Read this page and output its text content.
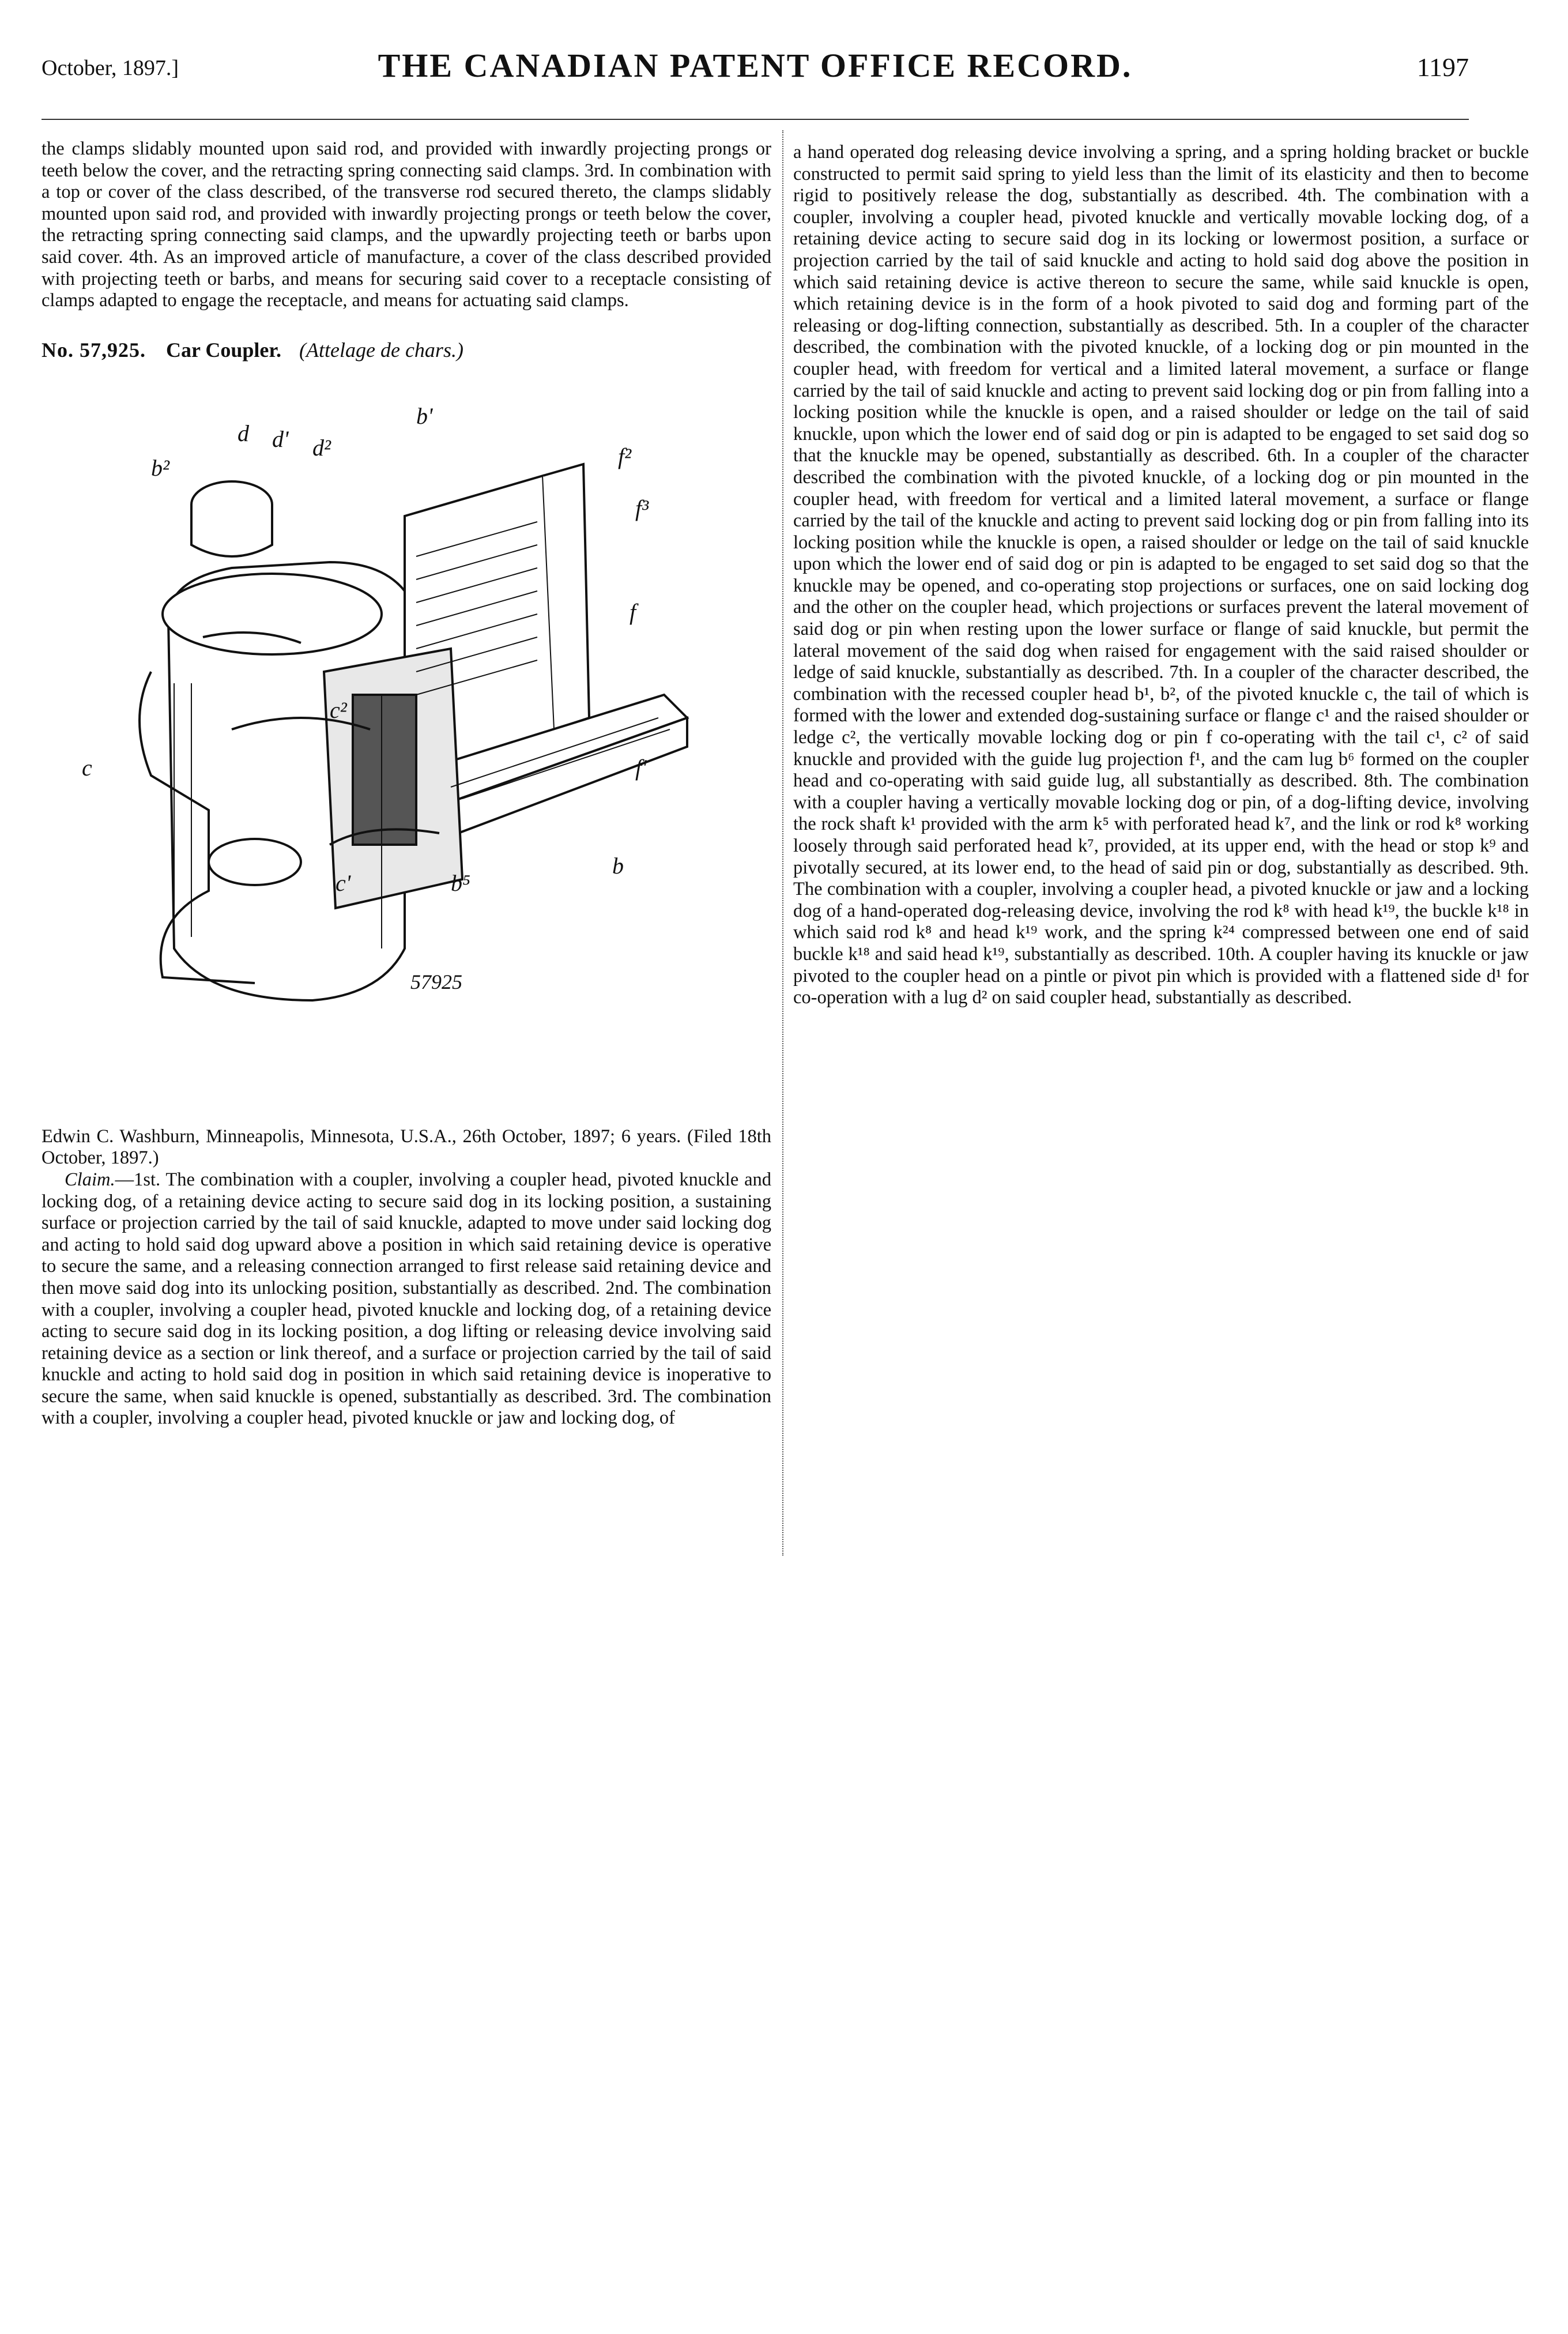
October, 1897.]	THE CANADIAN PATENT OFFICE RECORD.	1197

the clamps slidably mounted upon said rod, and provided with inwardly projecting prongs or teeth below the cover, and the retracting spring connecting said clamps. 3rd. In combination with a top or cover of the class described, of the transverse rod secured thereto, the clamps slidably mounted upon said rod, and provided with inwardly projecting prongs or teeth below the cover, the retracting spring connecting said clamps, and the upwardly projecting teeth or barbs upon said cover. 4th. As an improved article of manufacture, a cover of the class described provided with projecting teeth or barbs, and means for securing said cover to a receptacle consisting of clamps adapted to engage the receptacle, and means for actuating said clamps.

No. 57,925. Car Coupler. (Attelage de chars.)
b²
d d' d²
b'
f²
f³
f
c²
f'
c
c'	b⁵
b
57925

Edwin C. Washburn, Minneapolis, Minnesota, U.S.A., 26th October, 1897; 6 years. (Filed 18th October, 1897.)

Claim.—1st. The combination with a coupler, involving a coupler head, pivoted knuckle and locking dog, of a retaining device acting to secure said dog in its locking position, a sustaining surface or projection carried by the tail of said knuckle, adapted to move under said locking dog and acting to hold said dog upward above a position in which said retaining device is operative to secure the same, and a releasing connection arranged to first release said retaining device and then move said dog into its unlocking position, substantially as described. 2nd. The combination with a coupler, involving a coupler head, pivoted knuckle and locking dog, of a retaining device acting to secure said dog in its locking position, a dog lifting or releasing device involving said retaining device as a section or link thereof, and a surface or projection carried by the tail of said knuckle and acting to hold said dog in position in which said retaining device is inoperative to secure the same, when said knuckle is opened, substantially as described. 3rd. The combination with a coupler, involving a coupler head, pivoted knuckle or jaw and locking dog, of

a hand operated dog releasing device involving a spring, and a spring holding bracket or buckle constructed to permit said spring to yield less than the limit of its elasticity and then to become rigid to positively release the dog, substantially as described. 4th. The combination with a coupler, involving a coupler head, pivoted knuckle and vertically movable locking dog, of a retaining device acting to secure said dog in its locking or lowermost position, a surface or projection carried by the tail of said knuckle and acting to hold said dog above the position in which said retaining device is active thereon to secure the same, while said knuckle is open, which retaining device is in the form of a hook pivoted to said dog and forming part of the releasing or dog-lifting connection, substantially as described. 5th. In a coupler of the character described, the combination with the pivoted knuckle, of a locking dog or pin mounted in the coupler head, with freedom for vertical and a limited lateral movement, a surface or flange carried by the tail of said knuckle and acting to prevent said locking dog or pin from falling into a locking position while the knuckle is open, and a raised shoulder or ledge on the tail of said knuckle, upon which the lower end of said dog or pin is adapted to be engaged to set said dog so that the knuckle may be opened, substantially as described. 6th. In a coupler of the character described the combination with the pivoted knuckle, of a locking dog or pin mounted in the coupler head, with freedom for vertical and a limited lateral movement, a surface or flange carried by the tail of the knuckle and acting to prevent said locking dog or pin from falling into its locking position while the knuckle is open, a raised shoulder or ledge on the tail of said knuckle upon which the lower end of said dog or pin is adapted to be engaged to set said dog so that the knuckle may be opened, and co-operating stop projections or surfaces, one on said locking dog and the other on the coupler head, which projections or surfaces prevent the lateral movement of said dog or pin when resting upon the lower surface or flange of said knuckle, but permit the lateral movement of the said dog when raised for engagement with the said raised shoulder or ledge of said knuckle, substantially as described. 7th. In a coupler of the character described, the combination with the recessed coupler head b¹, b², of the pivoted knuckle c, the tail of which is formed with the lower and extended dog-sustaining surface or flange c¹ and the raised shoulder or ledge c², the vertically movable locking dog or pin f co-operating with the tail c¹, c² of said knuckle and provided with the guide lug projection f¹, and the cam lug b⁶ formed on the coupler head and co-operating with said guide lug, all substantially as described. 8th. The combination with a coupler having a vertically movable locking dog or pin, of a dog-lifting device, involving the rock shaft k¹ provided with the arm k⁵ with perforated head k⁷, and the link or rod k⁸ working loosely through said perforated head k⁷, provided, at its upper end, with the head or stop k⁹ and pivotally secured, at its lower end, to the head of said pin or dog, substantially as described. 9th. The combination with a coupler, involving a coupler head, a pivoted knuckle or jaw and a locking dog of a hand-operated dog-releasing device, involving the rod k⁸ with head k¹⁹, the buckle k¹⁸ in which said rod k⁸ and head k¹⁹ work, and the spring k²⁴ compressed between one end of said buckle k¹⁸ and said head k¹⁹, substantially as described. 10th. A coupler having its knuckle or jaw pivoted to the coupler head on a pintle or pivot pin which is provided with a flattened side d¹ for co-operation with a lug d² on said coupler head, substantially as described.
